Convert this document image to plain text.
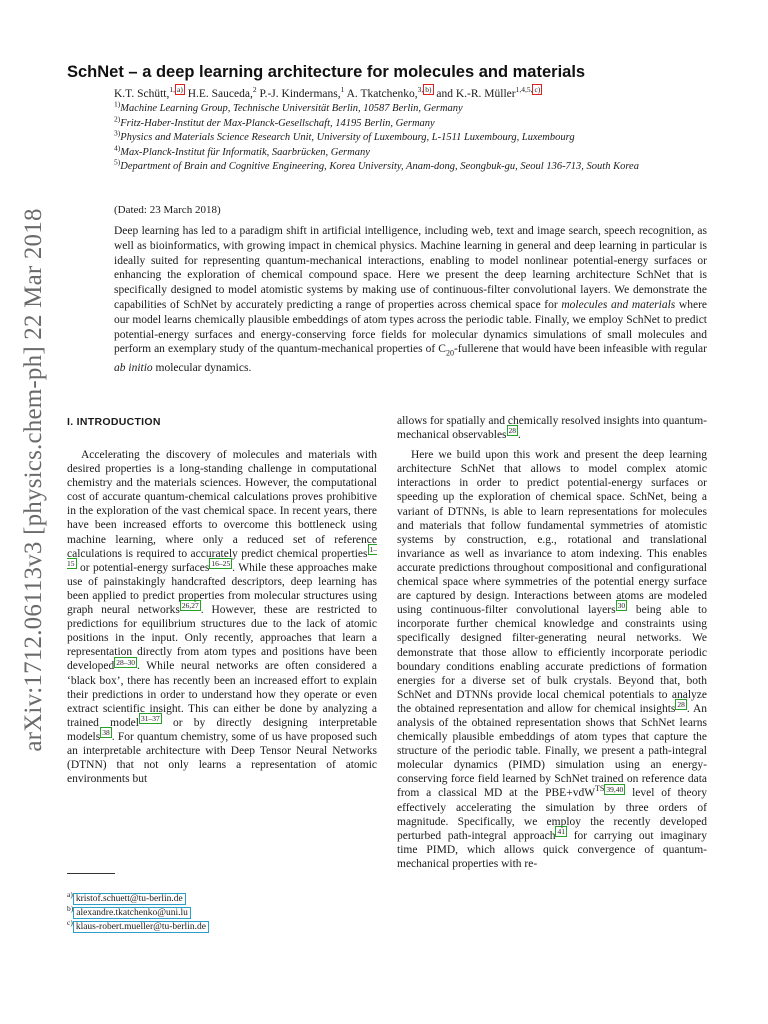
arXiv:1712.06113v3 [physics.chem-ph] 22 Mar 2018
SchNet – a deep learning architecture for molecules and materials
K.T. Schütt,$^{1,}$ $^{a)}$ H.E. Sauceda,$^2$ P.-J. Kindermans,$^1$ A. Tkatchenko,$^{3,}$ $^{b)}$ and K.-R. Müller$^{1,4,5,}$ $^{c)}$
$^{1)}$Machine Learning Group, Technische Universität Berlin, 10587 Berlin, Germany
$^{2)}$Fritz-Haber-Institut der Max-Planck-Gesellschaft, 14195 Berlin, Germany
$^{3)}$Physics and Materials Science Research Unit, University of Luxembourg, L-1511 Luxembourg, Luxembourg
$^{4)}$Max-Planck-Institut für Informatik, Saarbrücken, Germany
$^{5)}$Department of Brain and Cognitive Engineering, Korea University, Anam-dong, Seongbuk-gu, Seoul 136-713, South Korea
(Dated: 23 March 2018)
Deep learning has led to a paradigm shift in artificial intelligence, including web, text and image search, speech recognition, as well as bioinformatics, with growing impact in chemical physics. Machine learning in general and deep learning in particular is ideally suited for representing quantum-mechanical interactions, enabling to model nonlinear potential-energy surfaces or enhancing the exploration of chemical compound space. Here we present the deep learning architecture SchNet that is specifically designed to model atomistic systems by making use of continuous-filter convolutional layers. We demonstrate the capabilities of SchNet by accurately predicting a range of properties across chemical space for molecules and materials where our model learns chemically plausible embeddings of atom types across the periodic table. Finally, we employ SchNet to predict potential-energy surfaces and energy-conserving force fields for molecular dynamics simulations of small molecules and perform an exemplary study of the quantum-mechanical properties of $C_{20}$-fullerene that would have been infeasible with regular ab initio molecular dynamics.
I. INTRODUCTION

Accelerating the discovery of molecules and materials with desired properties is a long-standing challenge in computational chemistry and the materials sciences. However, the computational cost of accurate quantum-chemical calculations proves prohibitive in the exploration of the vast chemical space. In recent years, there have been increased efforts to overcome this bottleneck using machine learning, where only a reduced set of reference calculations is required to accurately predict chemical properties $^{1-15}$ or potential-energy surfaces $^{16-25}$ . While these approaches make use of painstakingly handcrafted descriptors, deep learning has been applied to predict properties from molecular structures using graph neural networks $^{26,27}$ . However, these are restricted to predictions for equilibrium structures due to the lack of atomic positions in the input. Only recently, approaches that learn a representation directly from atom types and positions have been developed $^{28-30}$ . While neural networks are often considered a ‘black box’, there has recently been an increased effort to explain their predictions in order to understand how they operate or even extract scientific insight. This can either be done by analyzing a trained model $^{31-37}$ or by directly designing interpretable models $^{38}$ . For quantum chemistry, some of us have proposed such an interpretable architecture with Deep Tensor Neural Networks (DTNN) that not only learns a representation of atomic environments but

allows for spatially and chemically resolved insights into quantum-mechanical observables $^{28}$ .

Here we build upon this work and present the deep learning architecture SchNet that allows to model complex atomic interactions in order to predict potential-energy surfaces or speeding up the exploration of chemical space. SchNet, being a variant of DTNNs, is able to learn representations for molecules and materials that follow fundamental symmetries of atomistic systems by construction, e.g., rotational and translational invariance as well as invariance to atom indexing. This enables accurate predictions throughout compositional and configurational chemical space where symmetries of the potential energy surface are captured by design. Interactions between atoms are modeled using continuous-filter convolutional layers $^{30}$ being able to incorporate further chemical knowledge and constraints using specifically designed filter-generating neural networks. We demonstrate that those allow to efficiently incorporate periodic boundary conditions enabling accurate predictions of formation energies for a diverse set of bulk crystals. Beyond that, both SchNet and DTNNs provide local chemical potentials to analyze the obtained representation and allow for chemical insights $^{28}$ . An analysis of the obtained representation shows that SchNet learns chemically plausible embeddings of atom types that capture the structure of the periodic table. Finally, we present a path-integral molecular dynamics (PIMD) simulation using an energy-conserving force field learned by SchNet trained on reference data from a classical MD at the PBE+vdW$^{TS}$ $^{39,40}$ level of theory effectively accelerating the simulation by three orders of magnitude. Specifically, we employ the recently developed perturbed path-integral approach $^{41}$ for carrying out imaginary time PIMD, which allows quick convergence of quantum-mechanical properties with re-

$^{a)}$ kristof.schuett@tu-berlin.de
$^{b)}$ alexandre.tkatchenko@uni.lu
$^{c)}$ klaus-robert.mueller@tu-berlin.de
